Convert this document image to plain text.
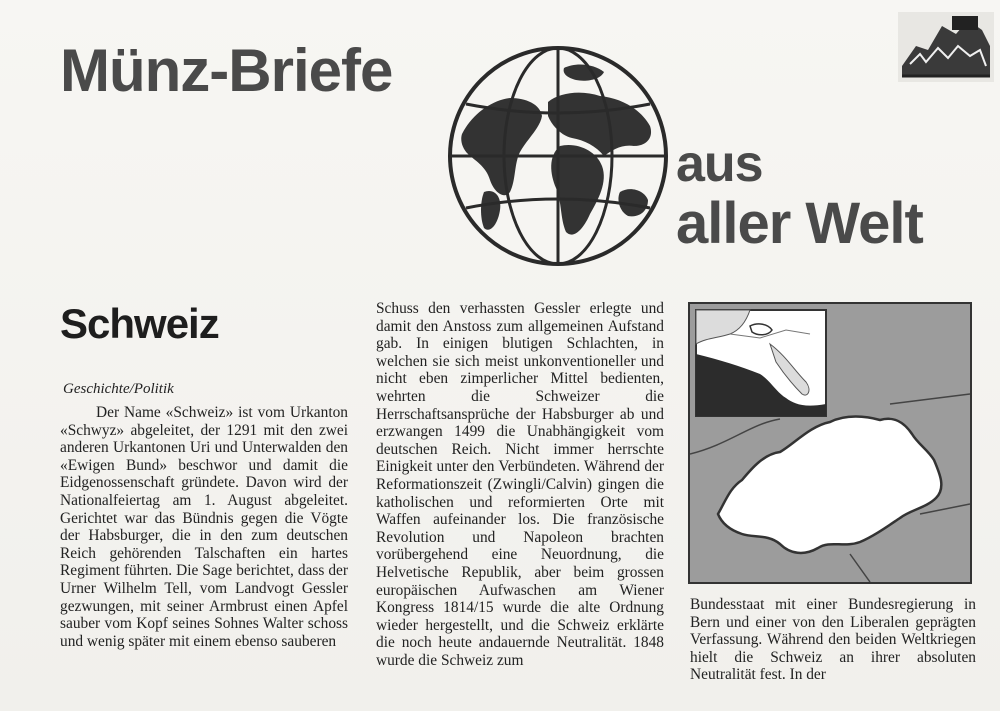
Münz-Briefe
aus
aller Welt
Schweiz
Geschichte/Politik

Der Name «Schweiz» ist vom Urkanton «Schwyz» abgeleitet, der 1291 mit den zwei anderen Urkantonen Uri und Unterwalden den «Ewigen Bund» beschwor und damit die Eidgenossenschaft gründete. Davon wird der Nationalfeiertag am 1. August abgeleitet. Gerichtet war das Bündnis gegen die Vögte der Habsburger, die in den zum deutschen Reich gehörenden Talschaften ein hartes Regiment führten. Die Sage berichtet, dass der Urner Wilhelm Tell, vom Landvogt Gessler gezwungen, mit seiner Armbrust einen Apfel sauber vom Kopf seines Sohnes Walter schoss und wenig später mit einem ebenso sauberen

Schuss den verhassten Gessler erlegte und damit den Anstoss zum allgemeinen Aufstand gab. In einigen blutigen Schlachten, in welchen sie sich meist unkonventioneller und nicht eben zimperlicher Mittel bedienten, wehrten die Schweizer die Herrschaftsansprüche der Habsburger ab und erzwangen 1499 die Unabhängigkeit vom deutschen Reich. Nicht immer herrschte Einigkeit unter den Verbündeten. Während der Reformationszeit (Zwingli/Calvin) gingen die katholischen und reformierten Orte mit Waffen aufeinander los. Die französische Revolution und Napoleon brachten vorübergehend eine Neuordnung, die Helvetische Republik, aber beim grossen europäischen Aufwaschen am Wiener Kongress 1814/15 wurde die alte Ordnung wieder hergestellt, und die Schweiz erklärte die noch heute andauernde Neutralität. 1848 wurde die Schweiz zum

Bundesstaat mit einer Bundesregierung in Bern und einer von den Liberalen geprägten Verfassung. Während den beiden Weltkriegen hielt die Schweiz an ihrer absoluten Neutralität fest. In der
